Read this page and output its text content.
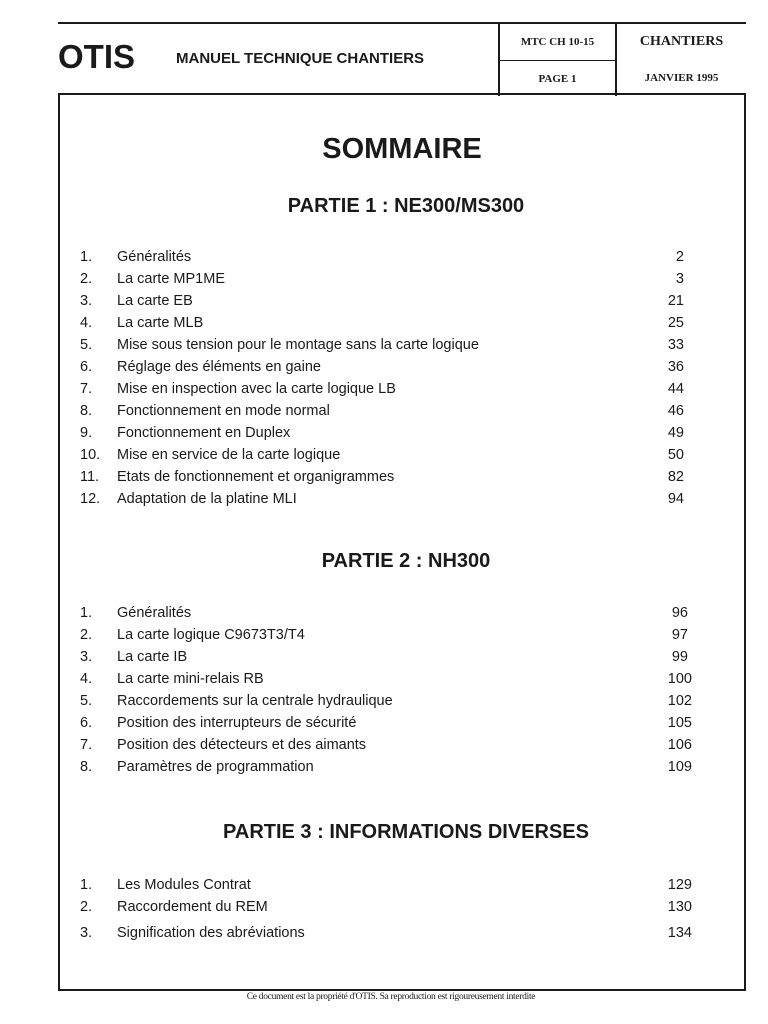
OTIS	MANUEL TECHNIQUE CHANTIERS
MTC CH 10-15
PAGE 1
CHANTIERS
JANVIER 1995
SOMMAIRE
PARTIE 1 : NE300/MS300
1. Généralités	2
2. La carte MP1ME	3
3. La carte EB	21
4. La carte MLB	25
5. Mise sous tension pour le montage sans la carte logique	33
6. Réglage des éléments en gaine	36
7. Mise en inspection avec la carte logique LB	44
8. Fonctionnement en mode normal	46
9. Fonctionnement en Duplex	49
10. Mise en service de la carte logique	50
11. Etats de fonctionnement et organigrammes	82
12. Adaptation de la platine MLI	94
PARTIE 2 : NH300
1. Généralités	96
2. La carte logique C9673T3/T4	97
3. La carte IB	99
4. La carte mini-relais RB	100
5. Raccordements sur la centrale hydraulique	102
6. Position des interrupteurs de sécurité	105
7. Position des détecteurs et des aimants	106
8. Paramètres de programmation	109
PARTIE 3 : INFORMATIONS DIVERSES
1. Les Modules Contrat	129
2. Raccordement du REM	130
3. Signification des abréviations	134
Ce document est la propriété d'OTIS. Sa reproduction est rigoureusement interdite
